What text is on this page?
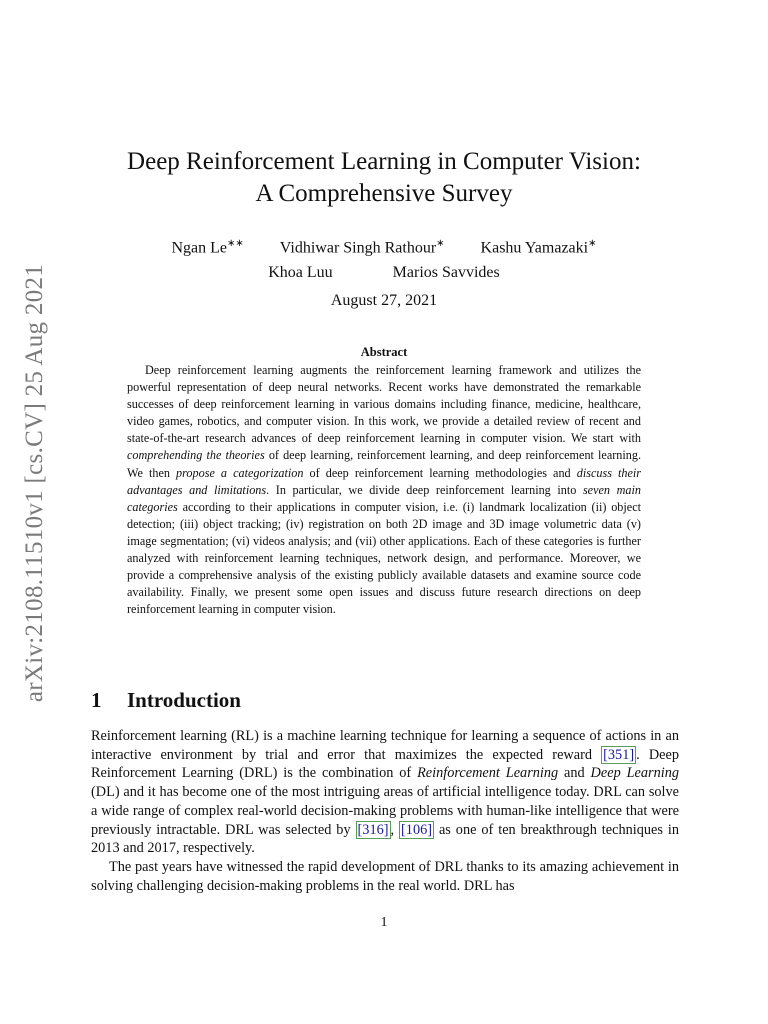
arXiv:2108.11510v1 [cs.CV] 25 Aug 2021
Deep Reinforcement Learning in Computer Vision:
A Comprehensive Survey
Ngan Le∗∗ Vidhiwar Singh Rathour∗ Kashu Yamazaki∗
Khoa Luu	Marios Savvides
August 27, 2021
Abstract

Deep reinforcement learning augments the reinforcement learning framework and utilizes the powerful representation of deep neural networks. Recent works have demonstrated the remarkable successes of deep reinforcement learning in various domains including finance, medicine, healthcare, video games, robotics, and computer vision. In this work, we provide a detailed review of recent and state-of-the-art research advances of deep reinforcement learning in computer vision. We start with comprehending the theories of deep learning, reinforcement learning, and deep reinforcement learning. We then propose a categorization of deep reinforcement learning methodologies and discuss their advantages and limitations. In particular, we divide deep reinforcement learning into seven main categories according to their applications in computer vision, i.e. (i) landmark localization (ii) object detection; (iii) object tracking; (iv) registration on both 2D image and 3D image volumetric data (v) image segmentation; (vi) videos analysis; and (vii) other applications. Each of these categories is further analyzed with reinforcement learning techniques, network design, and performance. Moreover, we provide a comprehensive analysis of the existing publicly available datasets and examine source code availability. Finally, we present some open issues and discuss future research directions on deep reinforcement learning in computer vision.

1	Introduction

Reinforcement learning (RL) is a machine learning technique for learning a sequence of actions in an interactive environment by trial and error that maximizes the expected reward [351] . Deep Reinforcement Learning (DRL) is the combination of Reinforcement Learning and Deep Learning (DL) and it has become one of the most intriguing areas of artificial intelligence today. DRL can solve a wide range of complex real-world decision-making problems with human-like intelligence that were previously intractable. DRL was selected by [316] , [106] as one of ten breakthrough techniques in 2013 and 2017, respectively.

The past years have witnessed the rapid development of DRL thanks to its amazing achievement in solving challenging decision-making problems in the real world. DRL has

1
